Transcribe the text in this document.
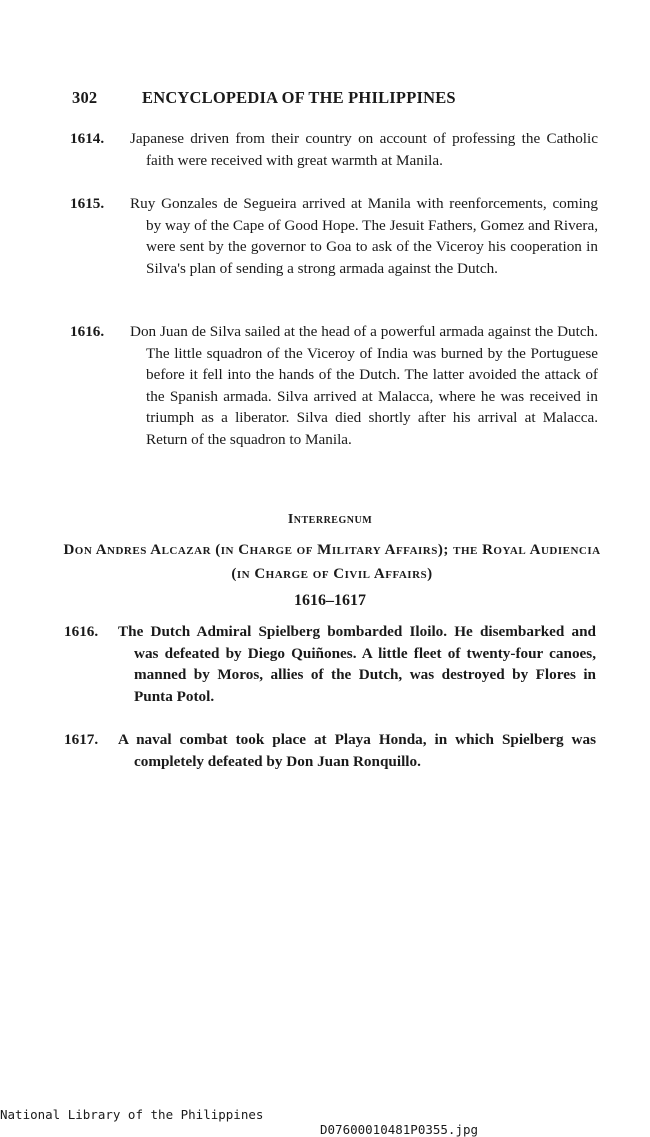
302	ENCYCLOPEDIA OF THE PHILIPPINES
1614. Japanese driven from their country on account of professing the Catholic faith were received with great warmth at Manila.
1615. Ruy Gonzales de Segueira arrived at Manila with reenforcements, coming by way of the Cape of Good Hope. The Jesuit Fathers, Gomez and Rivera, were sent by the governor to Goa to ask of the Viceroy his cooperation in Silva's plan of sending a strong armada against the Dutch.
1616. Don Juan de Silva sailed at the head of a powerful armada against the Dutch. The little squadron of the Viceroy of India was burned by the Portuguese before it fell into the hands of the Dutch. The latter avoided the attack of the Spanish armada. Silva arrived at Malacca, where he was received in triumph as a liberator. Silva died shortly after his arrival at Malacca. Return of the squadron to Manila.
Interregnum
Don Andres Alcazar (in Charge of Military Affairs); the Royal Audiencia (in Charge of Civil Affairs)
1616–1617
1616. The Dutch Admiral Spielberg bombarded Iloilo. He disembarked and was defeated by Diego Quiñones. A little fleet of twenty-four canoes, manned by Moros, allies of the Dutch, was destroyed by Flores in Punta Potol.
1617. A naval combat took place at Playa Honda, in which Spielberg was completely defeated by Don Juan Ronquillo.

National Library of the Philippines

D07600010481P0355.jpg
